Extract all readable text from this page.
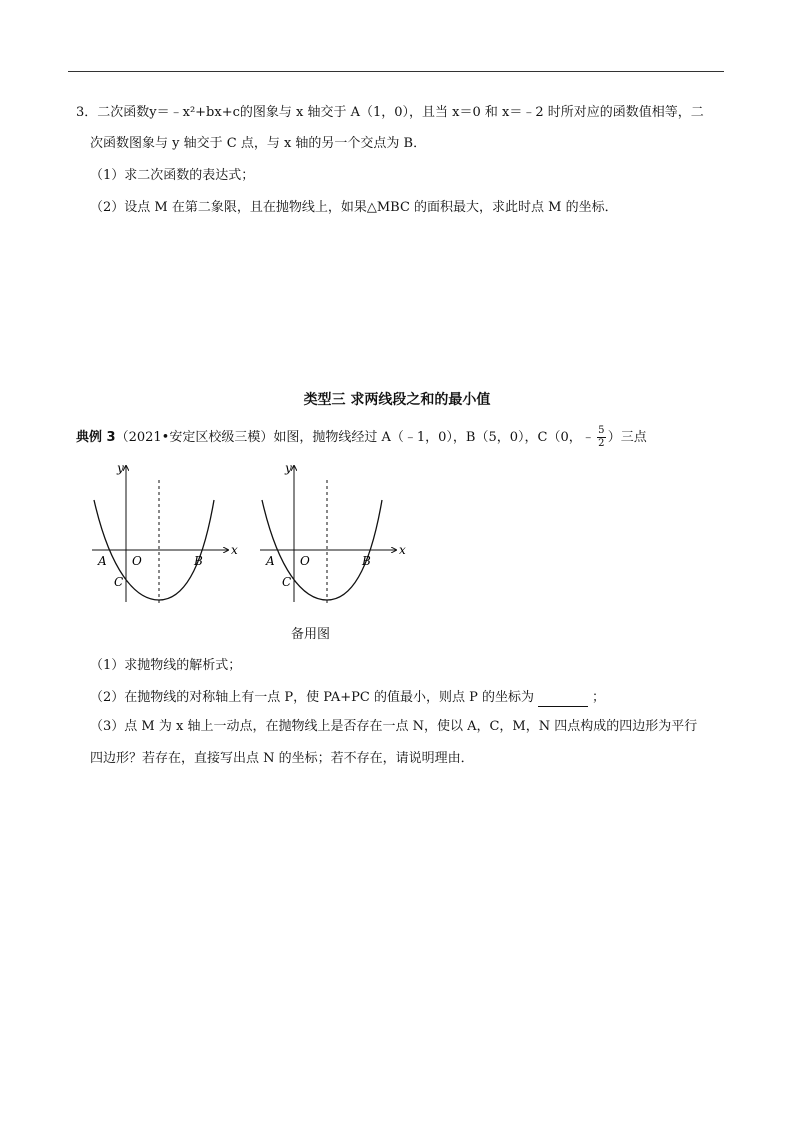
3．二次函数y＝﹣x²+bx+c的图象与 x 轴交于 A（1，0），且当 x＝0 和 x＝﹣2 时所对应的函数值相等，二
次函数图象与 y 轴交于 C 点，与 x 轴的另一个交点为 B．
（1）求二次函数的表达式；
（2）设点 M 在第二象限，且在抛物线上，如果△MBC 的面积最大，求此时点 M 的坐标．
类型三 求两线段之和的最小值
典例 3（2021•安定区校级三模）如图，抛物线经过 A（﹣1，0），B（5，0），C（0，﹣ $\frac{5}{2}$ ）三点
x
y
A O	B
C
x
y
A O	B
C
备用图
（1）求抛物线的解析式；
（2）在抛物线的对称轴上有一点 P，使 PA+PC 的值最小，则点 P 的坐标为	；
（3）点 M 为 x 轴上一动点，在抛物线上是否存在一点 N，使以 A，C，M，N 四点构成的四边形为平行
四边形？若存在，直接写出点 N 的坐标；若不存在，请说明理由．
